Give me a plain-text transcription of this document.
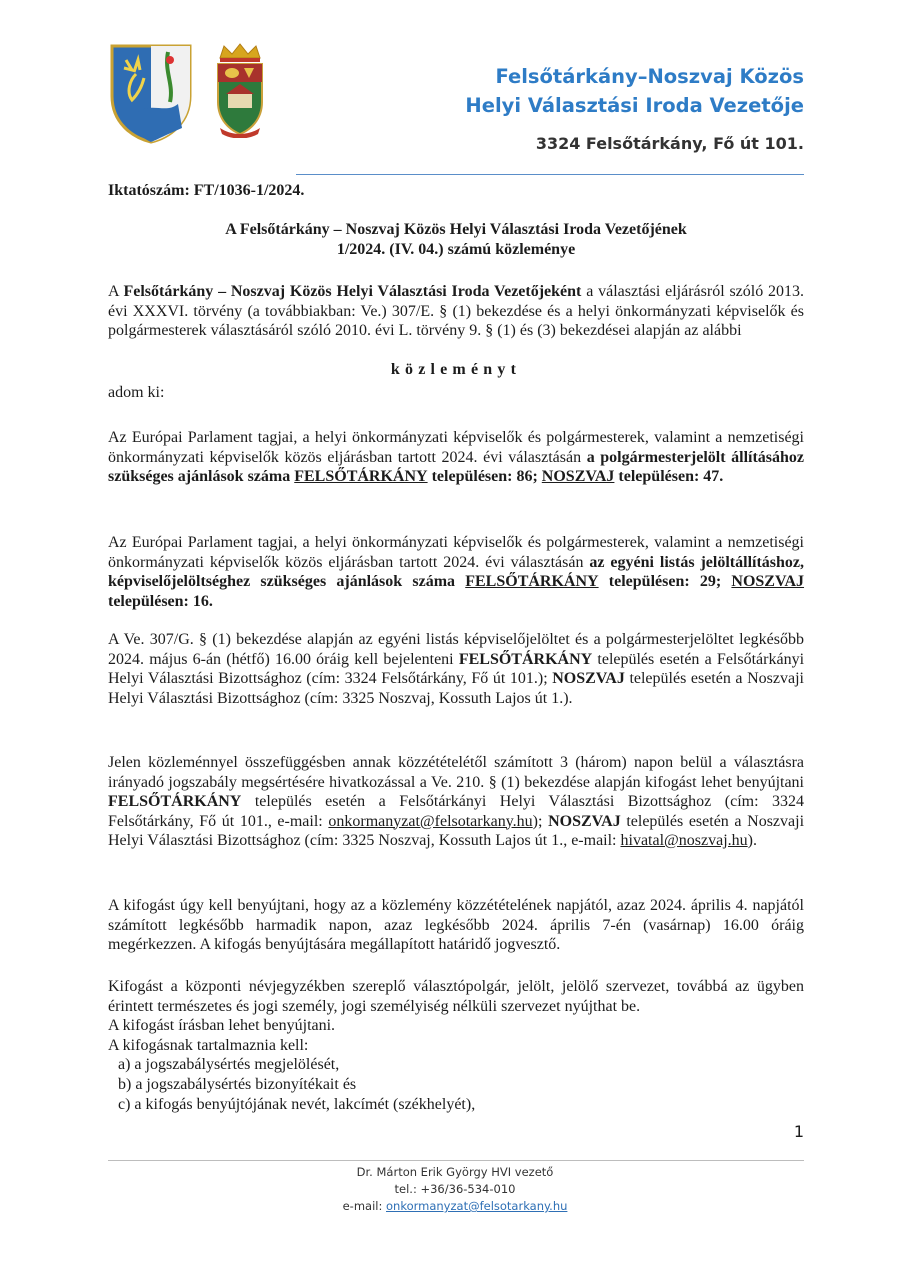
Felsőtárkány–Noszvaj Közös
Helyi Választási Iroda Vezetője
3324 Felsőtárkány, Fő út 101.
Iktatószám: FT/1036-1/2024.
A Felsőtárkány – Noszvaj Közös Helyi Választási Iroda Vezetőjének
1/2024. (IV. 04.) számú közleménye
A Felsőtárkány – Noszvaj Közös Helyi Választási Iroda Vezetőjeként a választási eljárásról szóló 2013. évi XXXVI. törvény (a továbbiakban: Ve.) 307/E. § (1) bekezdése és a helyi önkormányzati képviselők és polgármesterek választásáról szóló 2010. évi L. törvény 9. § (1) és (3) bekezdései alapján az alábbi
közleményt
adom ki:
Az Európai Parlament tagjai, a helyi önkormányzati képviselők és polgármesterek, valamint a nemzetiségi önkormányzati képviselők közös eljárásban tartott 2024. évi választásán a polgármesterjelölt állításához szükséges ajánlások száma FELSŐTÁRKÁNY településen: 86; NOSZVAJ településen: 47.
Az Európai Parlament tagjai, a helyi önkormányzati képviselők és polgármesterek, valamint a nemzetiségi önkormányzati képviselők közös eljárásban tartott 2024. évi választásán az egyéni listás jelöltállításhoz, képviselőjelöltséghez szükséges ajánlások száma FELSŐTÁRKÁNY településen: 29; NOSZVAJ településen: 16.
A Ve. 307/G. § (1) bekezdése alapján az egyéni listás képviselőjelöltet és a polgármesterjelöltet legkésőbb 2024. május 6-án (hétfő) 16.00 óráig kell bejelenteni FELSŐTÁRKÁNY település esetén a Felsőtárkányi Helyi Választási Bizottsághoz (cím: 3324 Felsőtárkány, Fő út 101.); NOSZVAJ település esetén a Noszvaji Helyi Választási Bizottsághoz (cím: 3325 Noszvaj, Kossuth Lajos út 1.).
Jelen közleménnyel összefüggésben annak közzétételétől számított 3 (három) napon belül a választásra irányadó jogszabály megsértésére hivatkozással a Ve. 210. § (1) bekezdése alapján kifogást lehet benyújtani FELSŐTÁRKÁNY település esetén a Felsőtárkányi Helyi Választási Bizottsághoz (cím: 3324 Felsőtárkány, Fő út 101., e-mail: onkormanyzat@felsotarkany.hu); NOSZVAJ település esetén a Noszvaji Helyi Választási Bizottsághoz (cím: 3325 Noszvaj, Kossuth Lajos út 1., e-mail: hivatal@noszvaj.hu).
A kifogást úgy kell benyújtani, hogy az a közlemény közzétételének napjától, azaz 2024. április 4. napjától számított legkésőbb harmadik napon, azaz legkésőbb 2024. április 7-én (vasárnap) 16.00 óráig megérkezzen. A kifogás benyújtására megállapított határidő jogvesztő.
Kifogást a központi névjegyzékben szereplő választópolgár, jelölt, jelölő szervezet, továbbá az ügyben érintett természetes és jogi személy, jogi személyiség nélküli szervezet nyújthat be.
A kifogást írásban lehet benyújtani.
A kifogásnak tartalmaznia kell:
a) a jogszabálysértés megjelölését,
b) a jogszabálysértés bizonyítékait és
c) a kifogás benyújtójának nevét, lakcímét (székhelyét),
1
Dr. Márton Erik György HVI vezető
tel.: +36/36-534-010
e-mail: onkormanyzat@felsotarkany.hu
